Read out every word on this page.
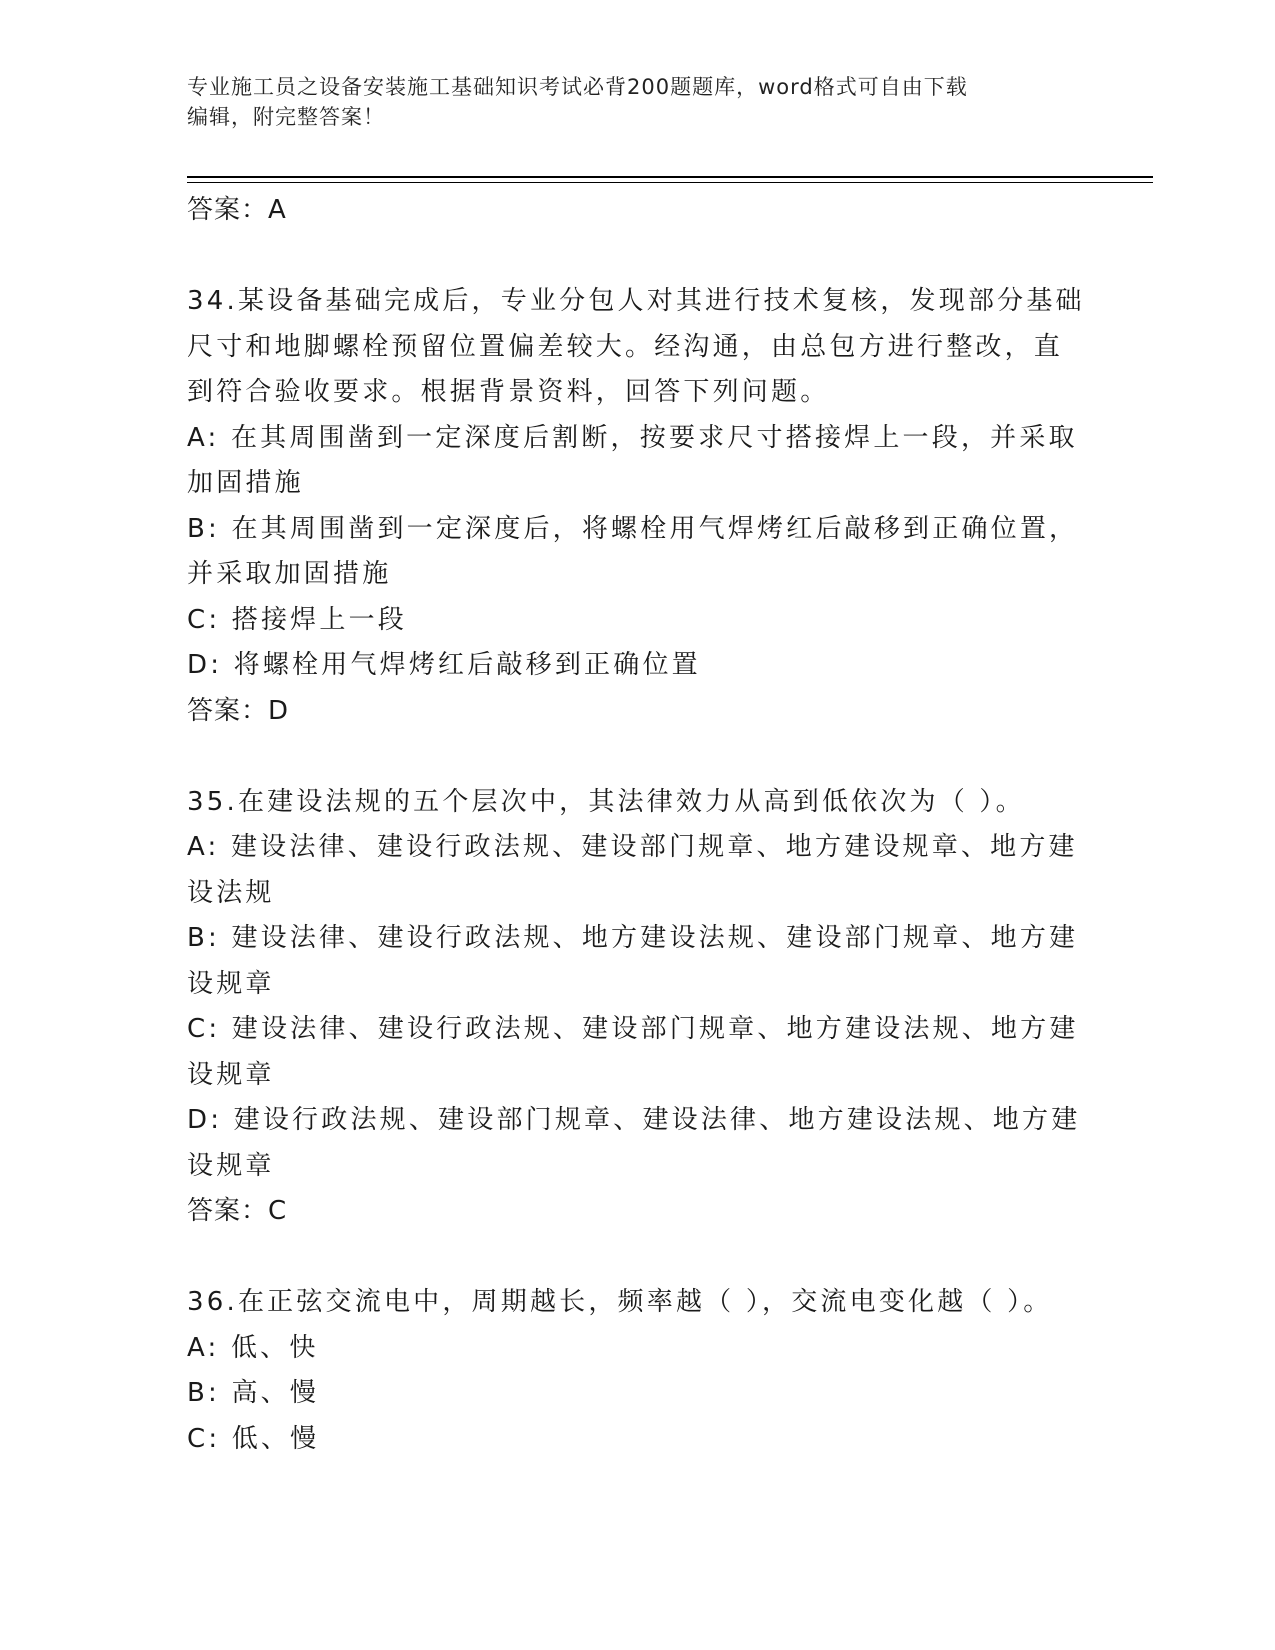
专业施工员之设备安装施工基础知识考试必背200题题库，word格式可自由下载
编辑，附完整答案！
答案：A
34.某设备基础完成后，专业分包人对其进行技术复核，发现部分基础
尺寸和地脚螺栓预留位置偏差较大。经沟通，由总包方进行整改，直
到符合验收要求。根据背景资料，回答下列问题。
A: 在其周围凿到一定深度后割断，按要求尺寸搭接焊上一段，并采取
加固措施
B: 在其周围凿到一定深度后，将螺栓用气焊烤红后敲移到正确位置，
并采取加固措施
C: 搭接焊上一段
D: 将螺栓用气焊烤红后敲移到正确位置
答案：D
35.在建设法规的五个层次中，其法律效力从高到低依次为（ ）。
A: 建设法律、建设行政法规、建设部门规章、地方建设规章、地方建
设法规
B: 建设法律、建设行政法规、地方建设法规、建设部门规章、地方建
设规章
C: 建设法律、建设行政法规、建设部门规章、地方建设法规、地方建
设规章
D: 建设行政法规、建设部门规章、建设法律、地方建设法规、地方建
设规章
答案：C
36.在正弦交流电中，周期越长，频率越（ ），交流电变化越（ ）。
A: 低、快
B: 高、慢
C: 低、慢
